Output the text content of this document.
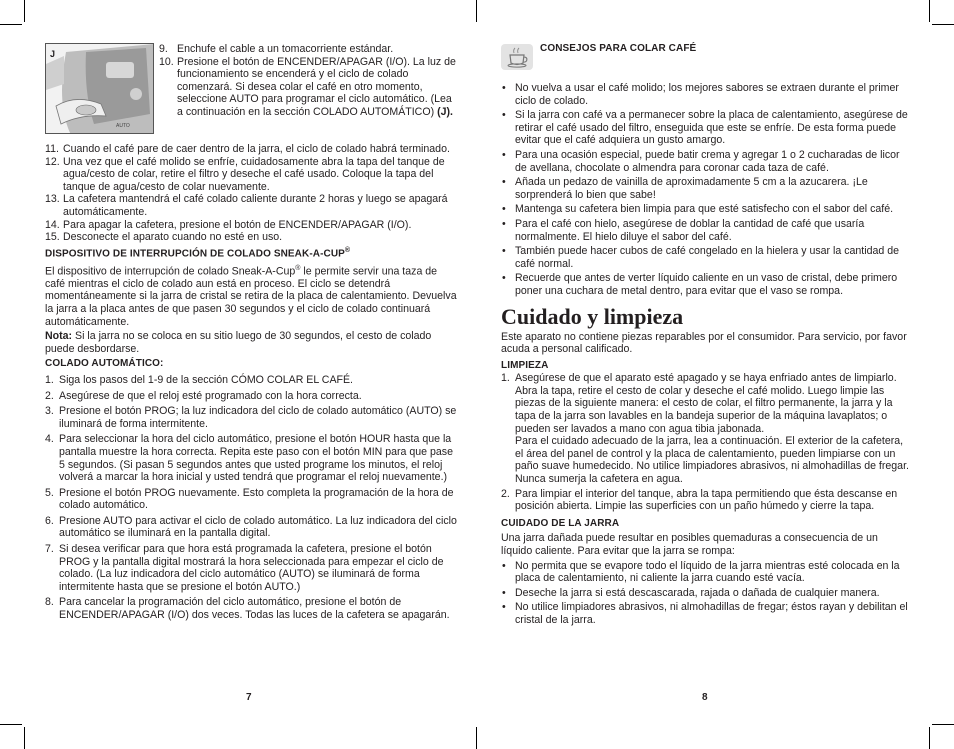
AUTO
J	9. Enchufe el cable a un tomacorriente estándar.
10. Presione el botón de ENCENDER/APAGAR (I/O). La luz de funcionamiento se encenderá y el ciclo de colado comenzará. Si desea colar el café en otro momento, seleccione AUTO para programar el ciclo automático. (Lea a continuación en la sección COLADO AUTOMÁTICO) (J).
11. Cuando el café pare de caer dentro de la jarra, el ciclo de colado habrá terminado.
12. Una vez que el café molido se enfríe, cuidadosamente abra la tapa del tanque de agua/cesto de colar, retire el filtro y deseche el café usado. Coloque la tapa del tanque de agua/cesto de colar nuevamente.
13. La cafetera mantendrá el café colado caliente durante 2 horas y luego se apagará automáticamente.
14. Para apagar la cafetera, presione el botón de ENCENDER/APAGAR (I/O).
15. Desconecte el aparato cuando no esté en uso.

DISPOSITIVO DE INTERRUPCIÓN DE COLADO SNEAK-A-CUP®

El dispositivo de interrupción de colado Sneak-A-Cup® le permite servir una taza de café mientras el ciclo de colado aun está en proceso. El ciclo se detendrá momentáneamente si la jarra de cristal se retira de la placa de calentamiento. Devuelva la jarra a la placa antes de que pasen 30 segundos y el ciclo de colado continuará automáticamente.

Nota: Si la jarra no se coloca en su sitio luego de 30 segundos, el cesto de colado puede desbordarse.

COLADO AUTOMÁTICO:

1. Siga los pasos del 1-9 de la sección CÓMO COLAR EL CAFÉ.
2. Asegúrese de que el reloj esté programado con la hora correcta.
3. Presione el botón PROG; la luz indicadora del ciclo de colado automático (AUTO) se iluminará de forma intermitente.
4. Para seleccionar la hora del ciclo automático, presione el botón HOUR hasta que la pantalla muestre la hora correcta. Repita este paso con el botón MIN para que pase 5 segundos. (Si pasan 5 segundos antes que usted programe los minutos, el reloj volverá a marcar la hora inicial y usted tendrá que programar el reloj nuevamente.)
5. Presione el botón PROG nuevamente. Esto completa la programación de la hora de colado automático.
6. Presione AUTO para activar el ciclo de colado automático. La luz indicadora del ciclo automático se iluminará en la pantalla digital.
7. Si desea verificar para que hora está programada la cafetera, presione el botón PROG y la pantalla digital mostrará la hora seleccionada para empezar el ciclo de colado. (La luz indicadora del ciclo automático (AUTO) se iluminará de forma intermitente hasta que se presione el botón AUTO.)
8. Para cancelar la programación del ciclo automático, presione el botón de ENCENDER/APAGAR (I/O) dos veces. Todas las luces de la cafetera se apagarán.
7

CONSEJOS PARA COLAR CAFÉ

• No vuelva a usar el café molido; los mejores sabores se extraen durante el primer ciclo de colado.
• Si la jarra con café va a permanecer sobre la placa de calentamiento, asegúrese de retirar el café usado del filtro, enseguida que este se enfríe. De esta forma puede evitar que el café adquiera un gusto amargo.
• Para una ocasión especial, puede batir crema y agregar 1 o 2 cucharadas de licor de avellana, chocolate o almendra para coronar cada taza de café.
• Añada un pedazo de vainilla de aproximadamente 5 cm a la azucarera. ¡Le sorprenderá lo bien que sabe!
• Mantenga su cafetera bien limpia para que esté satisfecho con el sabor del café.
• Para el café con hielo, asegúrese de doblar la cantidad de café que usaría normalmente. El hielo diluye el sabor del café.
• También puede hacer cubos de café congelado en la hielera y usar la cantidad de café normal.
• Recuerde que antes de verter líquido caliente en un vaso de cristal, debe primero poner una cuchara de metal dentro, para evitar que el vaso se rompa.

Cuidado y limpieza

Este aparato no contiene piezas reparables por el consumidor. Para servicio, por favor acuda a personal calificado.

LIMPIEZA

1. Asegúrese de que el aparato esté apagado y se haya enfriado antes de limpiarlo. Abra la tapa, retire el cesto de colar y deseche el café molido. Luego limpie las piezas de la siguiente manera: el cesto de colar, el filtro permanente, la jarra y la tapa de la jarra son lavables en la bandeja superior de la máquina lavaplatos; o pueden ser lavados a mano con agua tibia jabonada.
Para el cuidado adecuado de la jarra, lea a continuación. El exterior de la cafetera, el área del panel de control y la placa de calentamiento, pueden limpiarse con un paño suave humedecido. No utilice limpiadores abrasivos, ni almohadillas de fregar. Nunca sumerja la cafetera en agua.
2. Para limpiar el interior del tanque, abra la tapa permitiendo que ésta descanse en posición abierta. Limpie las superficies con un paño húmedo y cierre la tapa.

CUIDADO DE LA JARRA

Una jarra dañada puede resultar en posibles quemaduras a consecuencia de un líquido caliente. Para evitar que la jarra se rompa:

• No permita que se evapore todo el líquido de la jarra mientras esté colocada en la placa de calentamiento, ni caliente la jarra cuando esté vacía.
• Deseche la jarra si está descascarada, rajada o dañada de cualquier manera.
• No utilice limpiadores abrasivos, ni almohadillas de fregar; éstos rayan y debilitan el cristal de la jarra.
8
